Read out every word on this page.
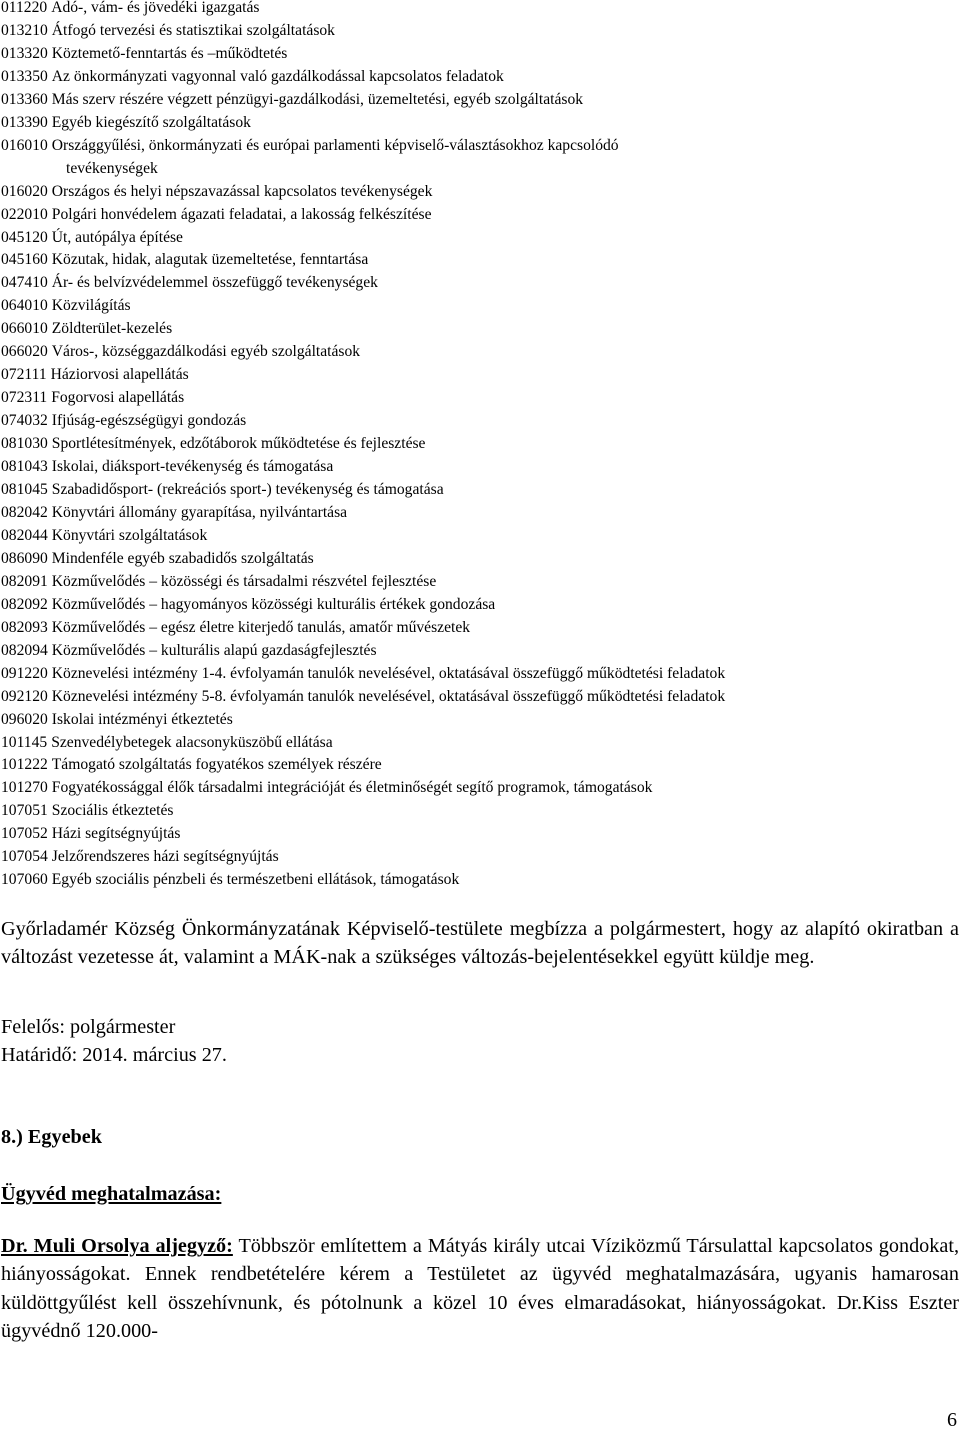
011220 Adó-, vám- és jövedéki igazgatás
013210 Átfogó tervezési és statisztikai szolgáltatások
013320 Köztemető-fenntartás és –működtetés
013350 Az önkormányzati vagyonnal való gazdálkodással kapcsolatos feladatok
013360 Más szerv részére végzett pénzügyi-gazdálkodási, üzemeltetési, egyéb szolgáltatások
013390 Egyéb kiegészítő szolgáltatások
016010 Országgyűlési, önkormányzati és európai parlamenti képviselő-választásokhoz kapcsolódó
tevékenységek
016020 Országos és helyi népszavazással kapcsolatos tevékenységek
022010 Polgári honvédelem ágazati feladatai, a lakosság felkészítése
045120 Út, autópálya építése
045160 Közutak, hidak, alagutak üzemeltetése, fenntartása
047410 Ár- és belvízvédelemmel összefüggő tevékenységek
064010 Közvilágítás
066010 Zöldterület-kezelés
066020 Város-, községgazdálkodási egyéb szolgáltatások
072111 Háziorvosi alapellátás
072311 Fogorvosi alapellátás
074032 Ifjúság-egészségügyi gondozás
081030 Sportlétesítmények, edzőtáborok működtetése és fejlesztése
081043 Iskolai, diáksport-tevékenység és támogatása
081045 Szabadidősport- (rekreációs sport-) tevékenység és támogatása
082042 Könyvtári állomány gyarapítása, nyilvántartása
082044 Könyvtári szolgáltatások
086090 Mindenféle egyéb szabadidős szolgáltatás
082091 Közművelődés – közösségi és társadalmi részvétel fejlesztése
082092 Közművelődés – hagyományos közösségi kulturális értékek gondozása
082093 Közművelődés – egész életre kiterjedő tanulás, amatőr művészetek
082094 Közművelődés – kulturális alapú gazdaságfejlesztés
091220 Köznevelési intézmény 1-4. évfolyamán tanulók nevelésével, oktatásával összefüggő működtetési feladatok
092120 Köznevelési intézmény 5-8. évfolyamán tanulók nevelésével, oktatásával összefüggő működtetési feladatok
096020 Iskolai intézményi étkeztetés
101145 Szenvedélybetegek alacsonyküszöbű ellátása
101222 Támogató szolgáltatás fogyatékos személyek részére
101270 Fogyatékossággal élők társadalmi integrációját és életminőségét segítő programok, támogatások
107051 Szociális étkeztetés
107052 Házi segítségnyújtás
107054 Jelzőrendszeres házi segítségnyújtás
107060 Egyéb szociális pénzbeli és természetbeni ellátások, támogatások

Győrladamér Község Önkormányzatának Képviselő-testülete megbízza a polgármestert, hogy az alapító okiratban a változást vezetesse át, valamint a MÁK-nak a szükséges változás-bejelentésekkel együtt küldje meg.

Felelős: polgármester

Határidő: 2014. március 27.

8.) Egyebek

Ügyvéd meghatalmazása:

Dr. Muli Orsolya aljegyző: Többször említettem a Mátyás király utcai Víziközmű Társulattal kapcsolatos gondokat, hiányosságokat. Ennek rendbetételére kérem a Testületet az ügyvéd meghatalmazására, ugyanis hamarosan küldöttgyűlést kell összehívnunk, és pótolnunk a közel 10 éves elmaradásokat, hiányosságokat. Dr.Kiss Eszter ügyvédnő 120.000-

6
